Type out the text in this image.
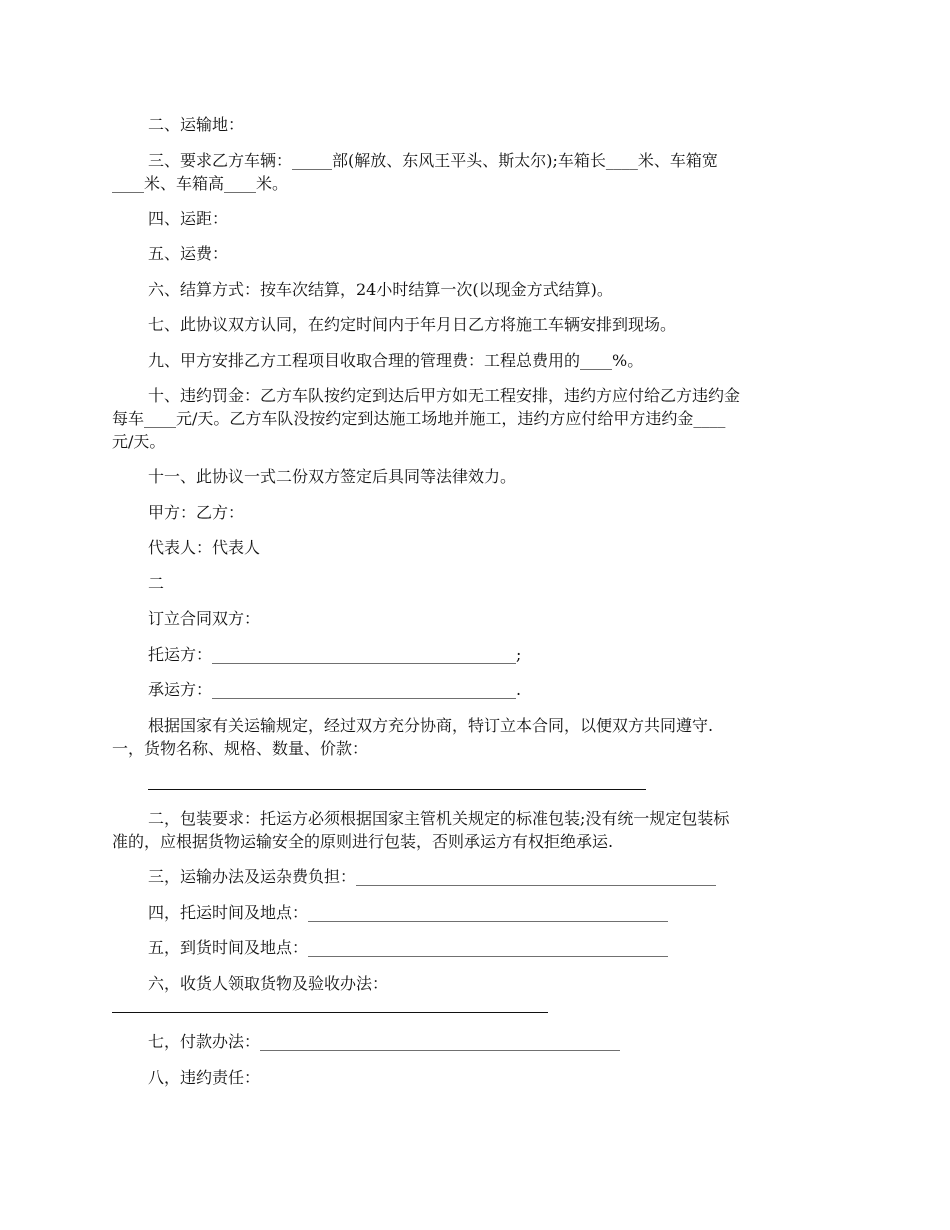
二、运输地：
三、要求乙方车辆：_____部(解放、东风王平头、斯太尔);车箱长____米、车箱宽
____米、车箱高____米。
四、运距：
五、运费：
六、结算方式：按车次结算，24小时结算一次(以现金方式结算)。
七、此协议双方认同，在约定时间内于年月日乙方将施工车辆安排到现场。
九、甲方安排乙方工程项目收取合理的管理费：工程总费用的____%。
十、违约罚金：乙方车队按约定到达后甲方如无工程安排，违约方应付给乙方违约金
每车____元/天。乙方车队没按约定到达施工场地并施工，违约方应付给甲方违约金____
元/天。
十一、此协议一式二份双方签定后具同等法律效力。
甲方：乙方：
代表人：代表人
二
订立合同双方：
托运方：______________________________________;
承运方：______________________________________.
根据国家有关运输规定，经过双方充分协商，特订立本合同，以便双方共同遵守.
一，货物名称、规格、数量、价款：
二，包装要求：托运方必须根据国家主管机关规定的标准包装;没有统一规定包装标
准的，应根据货物运输安全的原则进行包装，否则承运方有权拒绝承运.
三，运输办法及运杂费负担：_____________________________________________
四，托运时间及地点：_____________________________________________
五，到货时间及地点：_____________________________________________
六，收货人领取货物及验收办法：
七，付款办法：_____________________________________________
八，违约责任：
